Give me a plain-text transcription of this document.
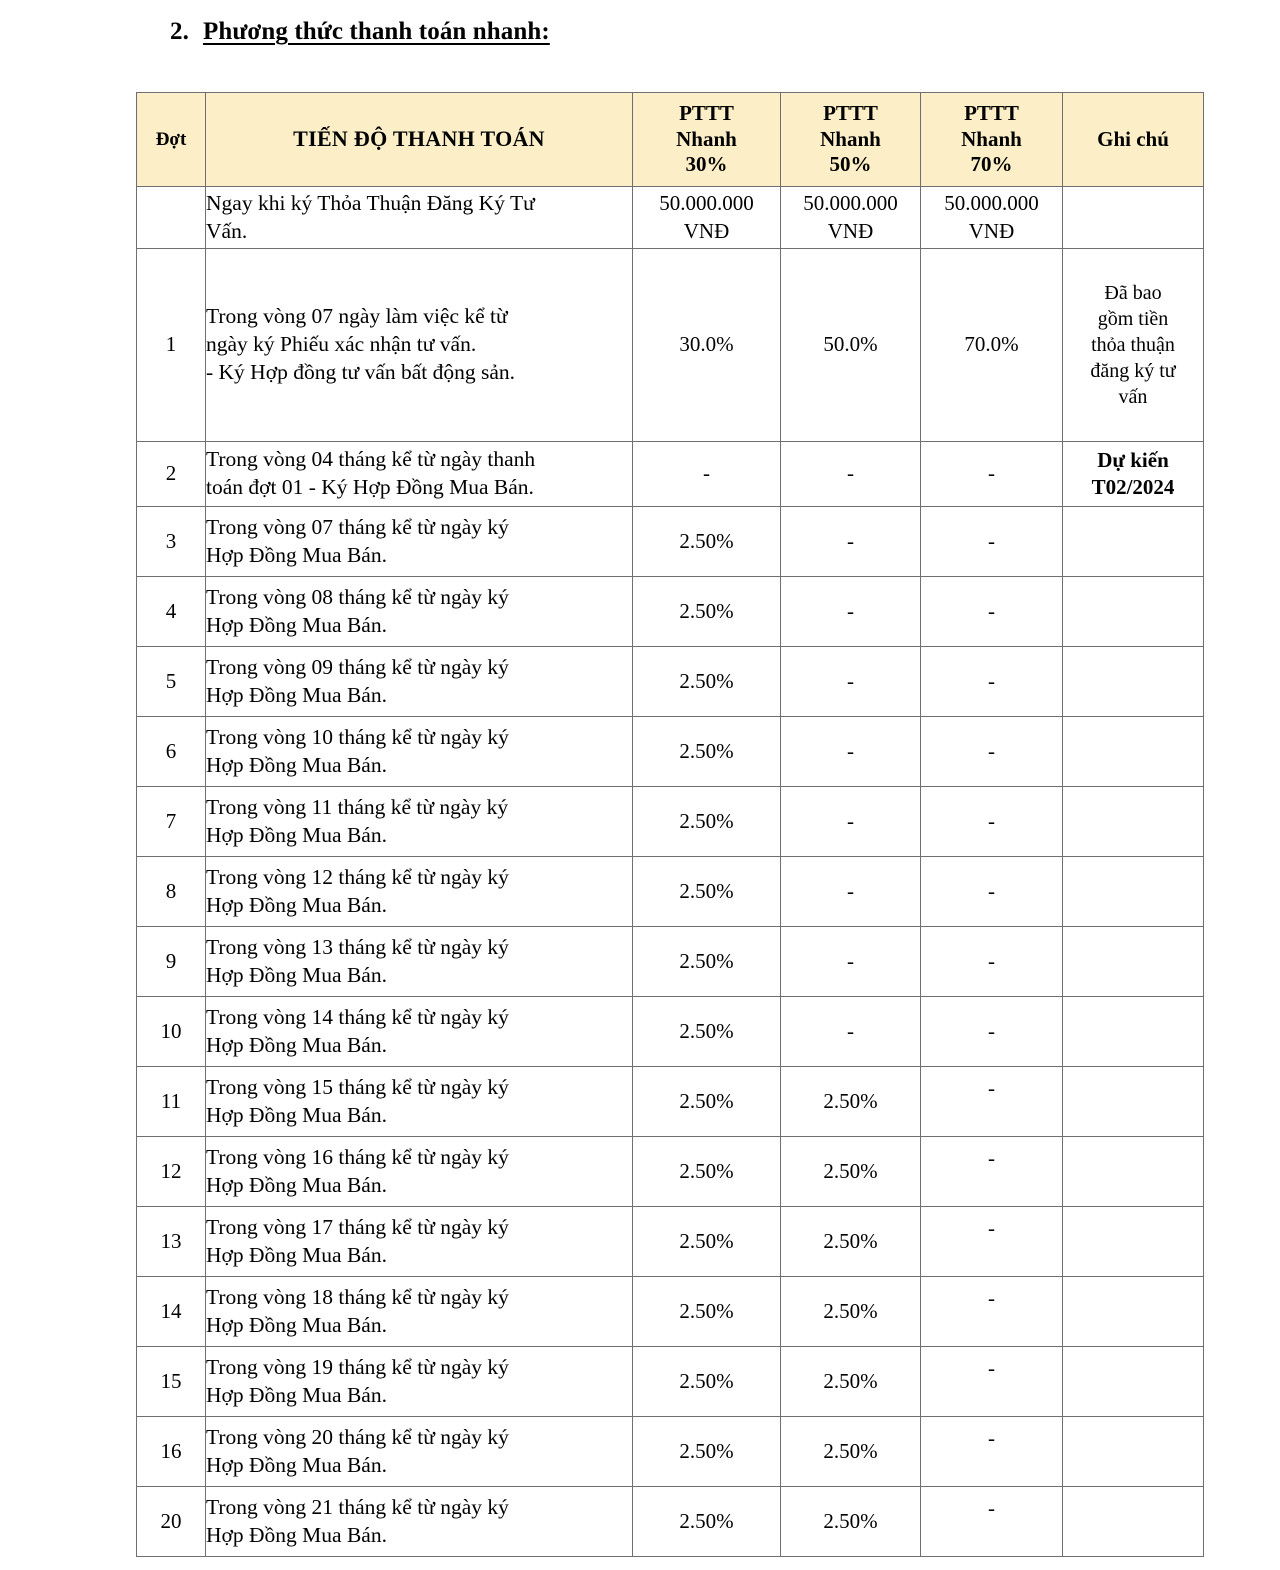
2. Phương thức thanh toán nhanh:
Đợt	TIẾN ĐỘ THANH TOÁN	PTTT
Nhanh
30%	PTTT
Nhanh
50%	PTTT
Nhanh
70%	Ghi chú

	Ngay khi ký Thỏa Thuận Đăng Ký Tư
Vấn.	50.000.000
VNĐ	50.000.000
VNĐ	50.000.000
VNĐ	

1	Trong vòng 07 ngày làm việc kể từ
ngày ký Phiếu xác nhận tư vấn.
- Ký Hợp đồng tư vấn bất động sản.	30.0%	50.0%	70.0%	Đã bao
gồm tiền
thỏa thuận
đăng ký tư
vấn

2	Trong vòng 04 tháng kể từ ngày thanh
toán đợt 01 - Ký Hợp Đồng Mua Bán.	-	-	-	Dự kiến
T02/2024

3	Trong vòng 07 tháng kể từ ngày ký
Hợp Đồng Mua Bán.	2.50%	-	-	
4	Trong vòng 08 tháng kể từ ngày ký
Hợp Đồng Mua Bán.	2.50%	-	-	
5	Trong vòng 09 tháng kể từ ngày ký
Hợp Đồng Mua Bán.	2.50%	-	-	
6	Trong vòng 10 tháng kể từ ngày ký
Hợp Đồng Mua Bán.	2.50%	-	-	
7	Trong vòng 11 tháng kể từ ngày ký
Hợp Đồng Mua Bán.	2.50%	-	-	
8	Trong vòng 12 tháng kể từ ngày ký
Hợp Đồng Mua Bán.	2.50%	-	-	
9	Trong vòng 13 tháng kể từ ngày ký
Hợp Đồng Mua Bán.	2.50%	-	-	
10	Trong vòng 14 tháng kể từ ngày ký
Hợp Đồng Mua Bán.	2.50%	-	-	
11	Trong vòng 15 tháng kể từ ngày ký
Hợp Đồng Mua Bán.	2.50%	2.50%	-	
12	Trong vòng 16 tháng kể từ ngày ký
Hợp Đồng Mua Bán.	2.50%	2.50%	-	
13	Trong vòng 17 tháng kể từ ngày ký
Hợp Đồng Mua Bán.	2.50%	2.50%	-	
14	Trong vòng 18 tháng kể từ ngày ký
Hợp Đồng Mua Bán.	2.50%	2.50%	-	
15	Trong vòng 19 tháng kể từ ngày ký
Hợp Đồng Mua Bán.	2.50%	2.50%	-	
16	Trong vòng 20 tháng kể từ ngày ký
Hợp Đồng Mua Bán.	2.50%	2.50%	-	
20	Trong vòng 21 tháng kể từ ngày ký
Hợp Đồng Mua Bán.	2.50%	2.50%	-	
